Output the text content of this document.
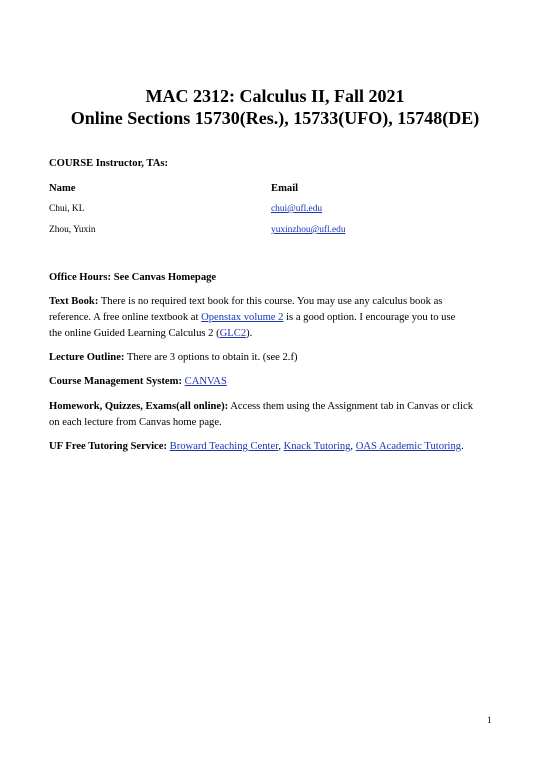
MAC 2312: Calculus II, Fall 2021
Online Sections 15730(Res.), 15733(UFO), 15748(DE)
COURSE Instructor, TAs:
Name	Email
Chui, KL	chui@ufl.edu
Zhou, Yuxin	yuxinzhou@ufl.edu
Office Hours: See Canvas Homepage
Text Book: There is no required text book for this course. You may use any calculus book as
reference. A free online textbook at Openstax volume 2 is a good option. I encourage you to use
the online Guided Learning Calculus 2 (GLC2).
Lecture Outline: There are 3 options to obtain it. (see 2.f)
Course Management System: CANVAS
Homework, Quizzes, Exams(all online): Access them using the Assignment tab in Canvas or click
on each lecture from Canvas home page.
UF Free Tutoring Service: Broward Teaching Center, Knack Tutoring, OAS Academic Tutoring.
1
